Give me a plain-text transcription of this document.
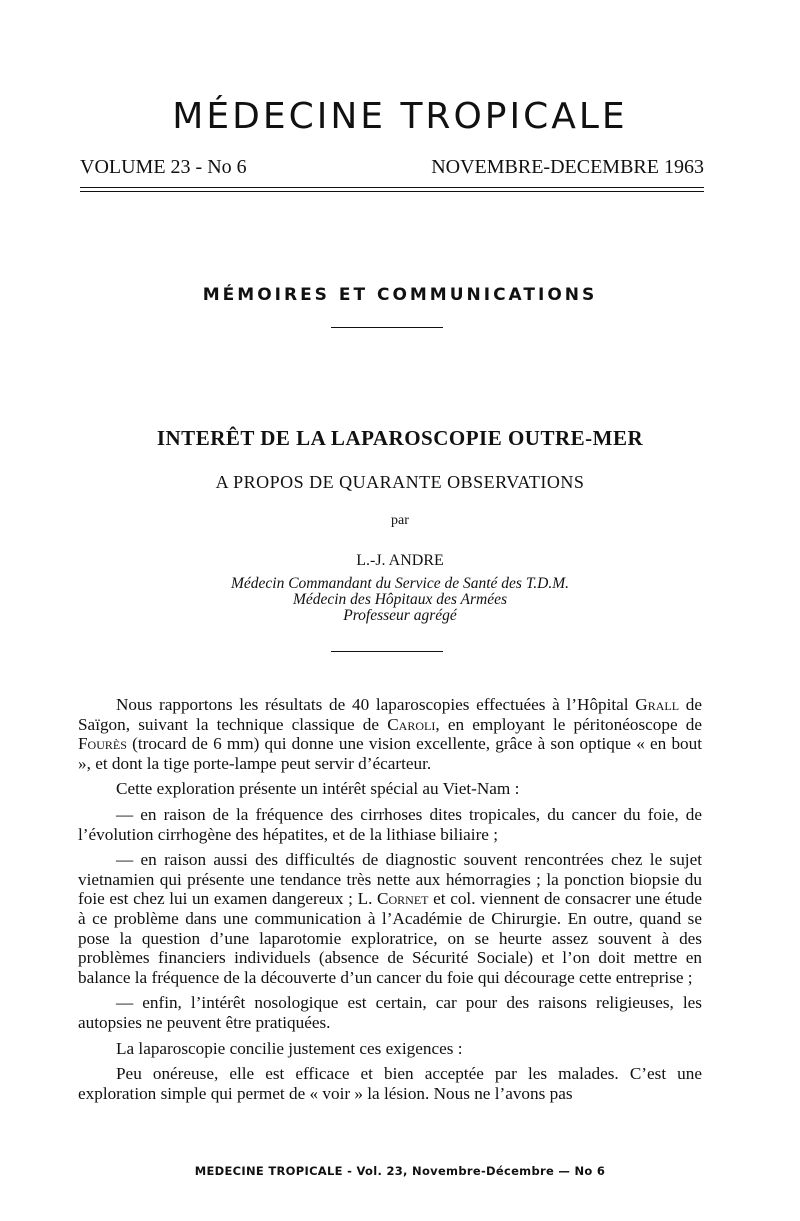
MÉDECINE TROPICALE
VOLUME 23 - No 6	NOVEMBRE-DECEMBRE 1963
MÉMOIRES ET COMMUNICATIONS
INTERÊT DE LA LAPAROSCOPIE OUTRE-MER
A PROPOS DE QUARANTE OBSERVATIONS
par
L.-J. ANDRE
Médecin Commandant du Service de Santé des T.D.M.
Médecin des Hôpitaux des Armées
Professeur agrégé

Nous rapportons les résultats de 40 laparoscopies effectuées à l’Hôpital Grall de Saïgon, suivant la technique classique de Caroli, en employant le péritonéoscope de Fourès (trocard de 6 mm) qui donne une vision excellente, grâce à son optique « en bout », et dont la tige porte-lampe peut servir d’écarteur.

Cette exploration présente un intérêt spécial au Viet-Nam :

— en raison de la fréquence des cirrhoses dites tropicales, du cancer du foie, de l’évolution cirrhogène des hépatites, et de la lithiase biliaire ;

— en raison aussi des difficultés de diagnostic souvent rencontrées chez le sujet vietnamien qui présente une tendance très nette aux hémorragies ; la ponction biopsie du foie est chez lui un examen dangereux ; L. Cornet et col. viennent de consacrer une étude à ce problème dans une communication à l’Académie de Chirurgie. En outre, quand se pose la question d’une laparotomie exploratrice, on se heurte assez souvent à des problèmes financiers individuels (absence de Sécurité Sociale) et l’on doit mettre en balance la fréquence de la découverte d’un cancer du foie qui décourage cette entreprise ;

— enfin, l’intérêt nosologique est certain, car pour des raisons religieuses, les autopsies ne peuvent être pratiquées.

La laparoscopie concilie justement ces exigences :

Peu onéreuse, elle est efficace et bien acceptée par les malades. C’est une exploration simple qui permet de « voir » la lésion. Nous ne l’avons pas

MEDECINE TROPICALE - Vol. 23, Novembre-Décembre — No 6
